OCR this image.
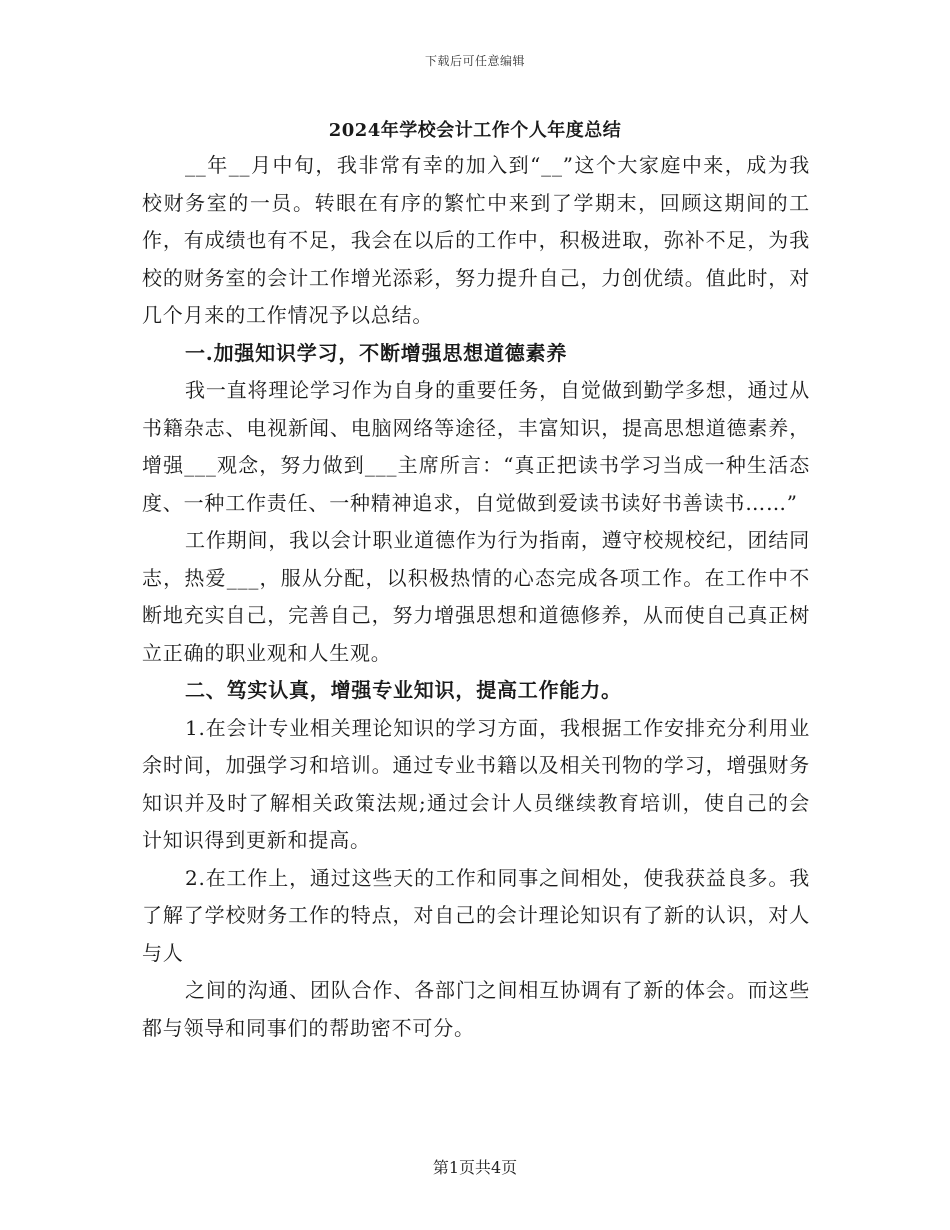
下载后可任意编辑
2024年学校会计工作个人年度总结

__年__月中旬，我非常有幸的加入到“__”这个大家庭中来，成为我校财务室的一员。转眼在有序的繁忙中来到了学期末，回顾这期间的工作，有成绩也有不足，我会在以后的工作中，积极进取，弥补不足，为我校的财务室的会计工作增光添彩，努力提升自己，力创优绩。值此时，对几个月来的工作情况予以总结。

一.加强知识学习，不断增强思想道德素养

我一直将理论学习作为自身的重要任务，自觉做到勤学多想，通过从书籍杂志、电视新闻、电脑网络等途径，丰富知识，提高思想道德素养，增强___观念，努力做到___主席所言：“真正把读书学习当成一种生活态度、一种工作责任、一种精神追求，自觉做到爱读书读好书善读书……”

工作期间，我以会计职业道德作为行为指南，遵守校规校纪，团结同志，热爱___，服从分配，以积极热情的心态完成各项工作。在工作中不断地充实自己，完善自己，努力增强思想和道德修养，从而使自己真正树立正确的职业观和人生观。

二、笃实认真，增强专业知识，提高工作能力。

1.在会计专业相关理论知识的学习方面，我根据工作安排充分利用业余时间，加强学习和培训。通过专业书籍以及相关刊物的学习，增强财务知识并及时了解相关政策法规;通过会计人员继续教育培训，使自己的会计知识得到更新和提高。

2.在工作上，通过这些天的工作和同事之间相处，使我获益良多。我了解了学校财务工作的特点，对自己的会计理论知识有了新的认识，对人与人

之间的沟通、团队合作、各部门之间相互协调有了新的体会。而这些都与领导和同事们的帮助密不可分。

第1页共4页
